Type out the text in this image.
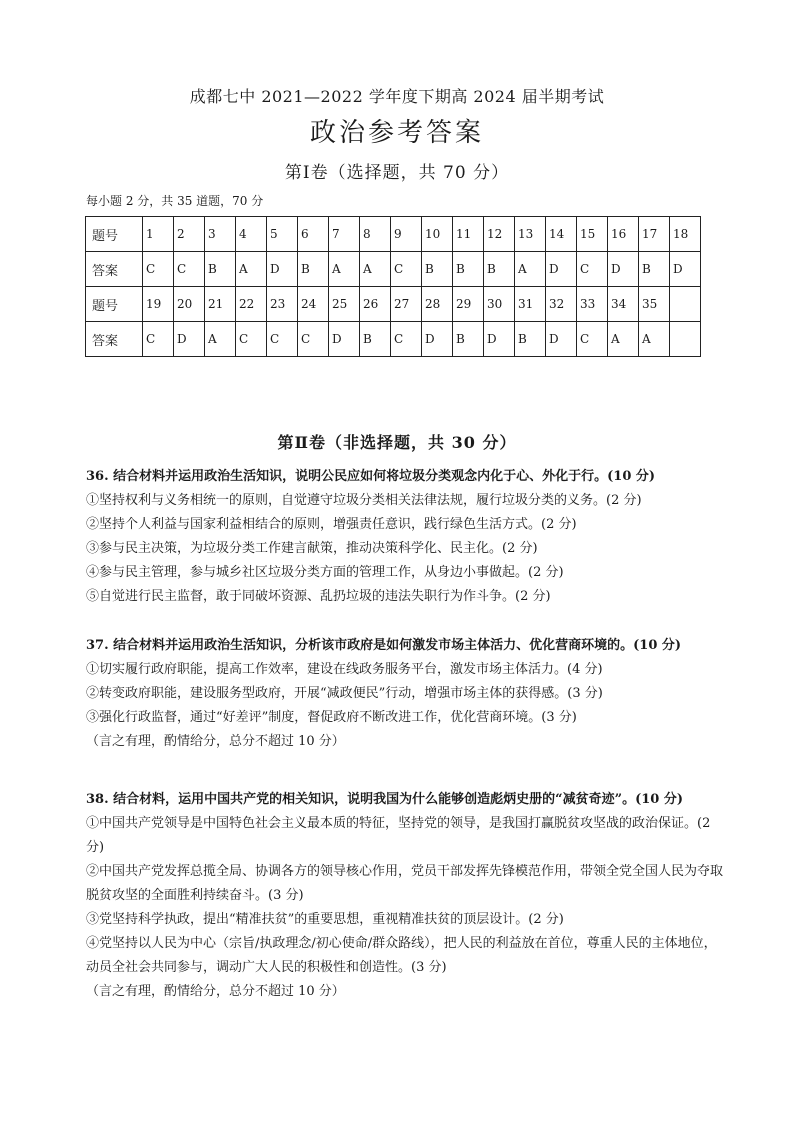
成都七中 2021—2022 学年度下期高 2024 届半期考试
政治参考答案
第Ⅰ卷（选择题，共 70 分）
每小题 2 分，共 35 道题，70 分
题号	1	2	3	4	5	6	7	8	9	10	11	12	13	14	15	16	17	18
答案	C	C	B	A	D	B	A	A	C	B	B	B	A	D	C	D	B	D
题号	19	20	21	22	23	24	25	26	27	28	29	30	31	32	33	34	35	
答案	C	D	A	C	C	C	D	B	C	D	B	D	B	D	C	A	A	
第Ⅱ卷（非选择题，共 30 分）

36. 结合材料并运用政治生活知识，说明公民应如何将垃圾分类观念内化于心、外化于行。(10 分)

①坚持权利与义务相统一的原则，自觉遵守垃圾分类相关法律法规，履行垃圾分类的义务。(2 分)

②坚持个人利益与国家利益相结合的原则，增强责任意识，践行绿色生活方式。(2 分)

③参与民主决策，为垃圾分类工作建言献策，推动决策科学化、民主化。(2 分)

④参与民主管理，参与城乡社区垃圾分类方面的管理工作，从身边小事做起。(2 分)

⑤自觉进行民主监督，敢于同破坏资源、乱扔垃圾的违法失职行为作斗争。(2 分)

37. 结合材料并运用政治生活知识，分析该市政府是如何激发市场主体活力、优化营商环境的。(10 分)

①切实履行政府职能，提高工作效率，建设在线政务服务平台，激发市场主体活力。(4 分)

②转变政府职能，建设服务型政府，开展“减政便民”行动，增强市场主体的获得感。(3 分)

③强化行政监督，通过“好差评”制度，督促政府不断改进工作，优化营商环境。(3 分)

（言之有理，酌情给分，总分不超过 10 分）

38. 结合材料，运用中国共产党的相关知识，说明我国为什么能够创造彪炳史册的“减贫奇迹”。(10 分)

①中国共产党领导是中国特色社会主义最本质的特征，坚持党的领导，是我国打赢脱贫攻坚战的政治保证。(2 分)

②中国共产党发挥总揽全局、协调各方的领导核心作用，党员干部发挥先锋模范作用，带领全党全国人民为夺取脱贫攻坚的全面胜利持续奋斗。(3 分)

③党坚持科学执政，提出“精准扶贫”的重要思想，重视精准扶贫的顶层设计。(2 分)

④党坚持以人民为中心（宗旨/执政理念/初心使命/群众路线），把人民的利益放在首位，尊重人民的主体地位，动员全社会共同参与，调动广大人民的积极性和创造性。(3 分)

（言之有理，酌情给分，总分不超过 10 分）
